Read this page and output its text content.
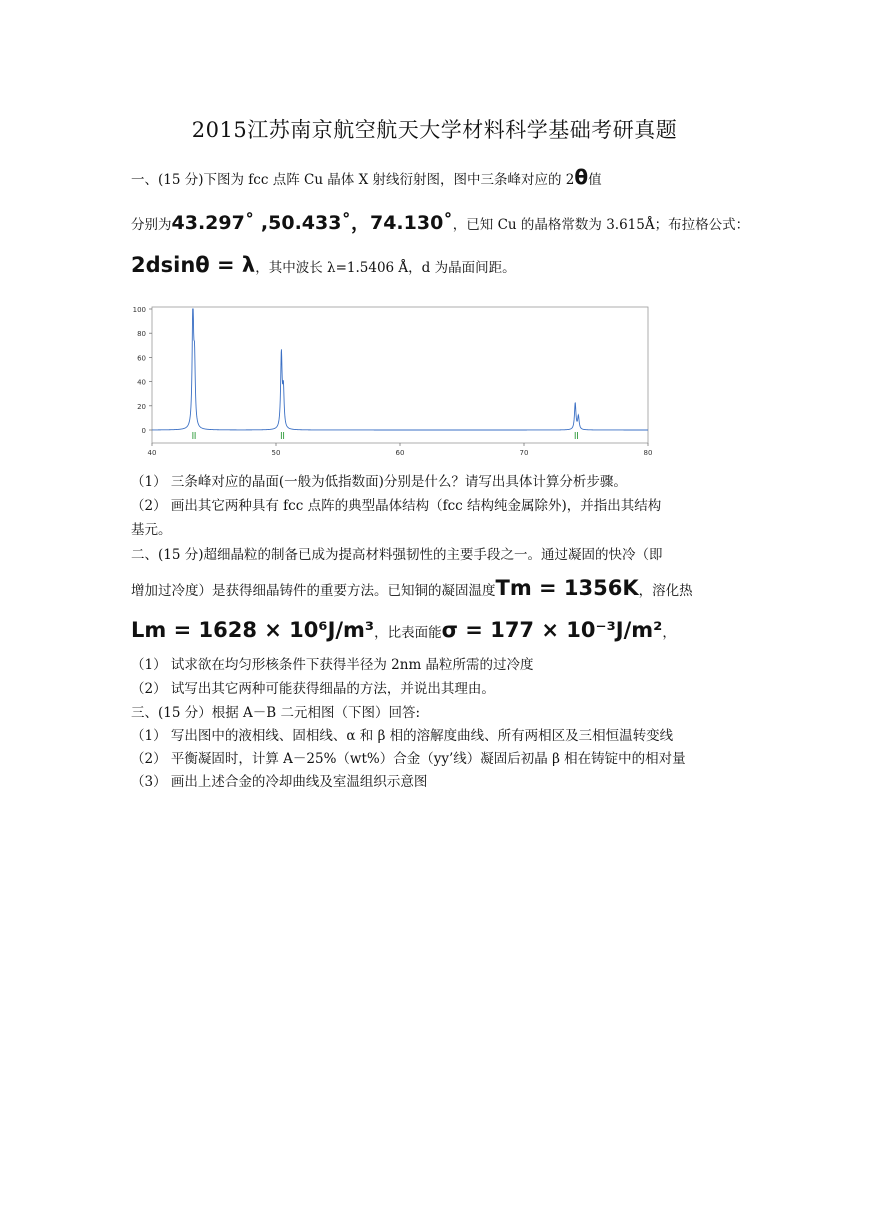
2015江苏南京航空航天大学材料科学基础考研真题
一、(15 分)下图为 fcc 点阵 Cu 晶体 X 射线衍射图，图中三条峰对应的 2θ值
分别为43.297˚ ,50.433˚，74.130˚，已知 Cu 的晶格常数为 3.615Å；布拉格公式：
2dsinθ = λ，其中波长 λ=1.5406 Å，d 为晶面间距。
0
20
40
60
80
100
40	50	60	70	80
（1） 三条峰对应的晶面(一般为低指数面)分别是什么？请写出具体计算分析步骤。
（2） 画出其它两种具有 fcc 点阵的典型晶体结构（fcc 结构纯金属除外)，并指出其结构
基元。
二、(15 分)超细晶粒的制备已成为提高材料强韧性的主要手段之一。通过凝固的快冷（即
增加过冷度）是获得细晶铸件的重要方法。已知铜的凝固温度Tm = 1356K，溶化热
Lm = 1628 × 10⁶J/m³，比表面能σ = 177 × 10⁻³J/m²，
（1） 试求欲在均匀形核条件下获得半径为 2nm 晶粒所需的过冷度
（2） 试写出其它两种可能获得细晶的方法，并说出其理由。
三、(15 分）根据 A－B 二元相图（下图）回答:
（1） 写出图中的液相线、固相线、α 和 β 相的溶解度曲线、所有两相区及三相恒温转变线
（2） 平衡凝固时，计算 A－25%（wt%）合金（yy’线）凝固后初晶 β 相在铸锭中的相对量
（3） 画出上述合金的冷却曲线及室温组织示意图
